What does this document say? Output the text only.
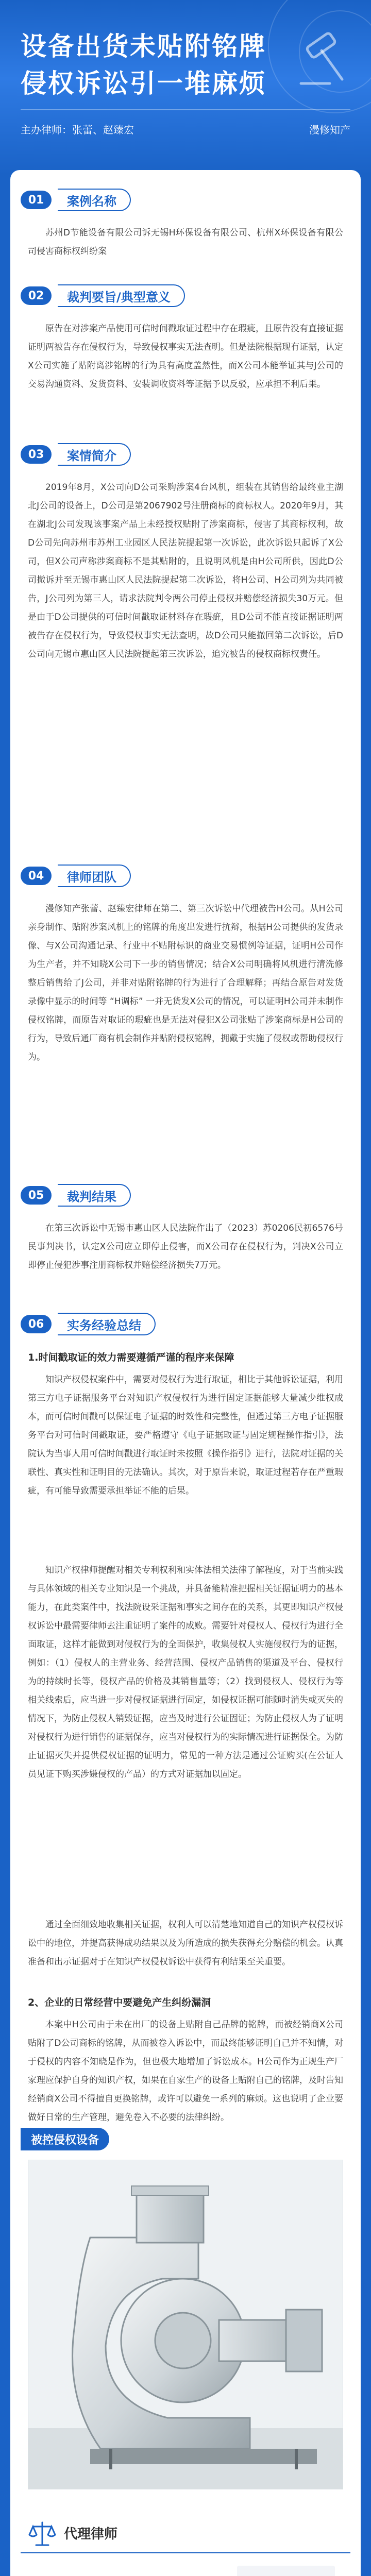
设备出货未贴附铭牌
侵权诉讼引一堆麻烦
主办律师：张蕾、赵臻宏	漫修知产
01	案例名称
苏州D节能设备有限公司诉无锡H环保设备有限公司、杭州X环保设备有限公司侵害商标权纠纷案
02	裁判要旨/典型意义
原告在对涉案产品使用可信时间戳取证过程中存在瑕疵，且原告没有直接证据证明两被告存在侵权行为，导致侵权事实无法查明。但是法院根据现有证据，认定X公司实施了贴附离涉铭牌的行为具有高度盖然性，而X公司本能举证其与J公司的交易沟通资料、发货资料、安装调收资料等证据予以反驳，应承担不利后果。
03	案情简介
2019年8月，X公司向D公司采购涉案4台风机，组装在其销售给最终业主湖北J公司的设备上，D公司是第2067902号注册商标的商标权人。2020年9月，其在湖北J公司发现该事案产品上未经授权贴附了涉案商标，侵害了其商标权利，故D公司先向苏州市苏州工业园区人民法院提起第一次诉讼，此次诉讼只起诉了X公司，但X公司声称涉案商标不是其贴附的，且说明风机是由H公司所供，因此D公司撤诉并至无锡市惠山区人民法院提起第二次诉讼，将H公司、H公司列为共同被告，J公司列为第三人，请求法院判令两公司停止侵权并赔偿经济损失30万元。但是由于D公司提供的可信时间戳取证材料存在瑕疵，且D公司不能直接证据证明两被告存在侵权行为，导致侵权事实无法查明，故D公司只能撤回第二次诉讼，后D公司向无锡市惠山区人民法院提起第三次诉讼，追究被告的侵权商标权责任。
04	律师团队
漫修知产张蕾、赵臻宏律师在第二、第三次诉讼中代理被告H公司。从H公司亲身制作、贴附涉案风机上的铭牌的角度出发进行抗辩，根据H公司提供的发货录像、与X公司沟通记录、行业中不贴附标识的商业交易惯例等证据，证明H公司作为生产者，并不知晓X公司下一步的销售情况；结合X公司明确将风机进行清洗修整后销售给了J公司，并非对贴附铭牌的行为进行了合理解释；再结合原告对发货录像中显示的时间等 “H调标” 一并无货发X公司的情况，可以证明H公司并未制作侵权铭牌，而原告对取证的瑕疵也是无法对侵犯X公司张贴了涉案商标是H公司的行为，导致后通厂商有机会制作并贴附侵权铭牌，拥戴于实施了侵权或帮助侵权行为。
05	裁判结果
在第三次诉讼中无锡市惠山区人民法院作出了（2023）苏0206民初6576号民事判决书，认定X公司应立即停止侵害，而X公司存在侵权行为，判决X公司立即停止侵犯涉事注册商标权并赔偿经济损失7万元。
06	实务经验总结
1.时间戳取证的效力需要遵循严谨的程序来保障
知识产权侵权案件中，需要对侵权行为进行取证，相比于其他诉讼证据，利用第三方电子证据服务平台对知识产权侵权行为进行固定证据能够大量减少维权成本，而可信时间戳可以保证电子证据的时效性和完整性，但通过第三方电子证据服务平台对可信时间戳取证，要严格遵守《电子证据取证与固定规程操作指引》，法院认为当事人用可信时间戳进行取证时未按照《操作指引》进行，法院对证据的关联性、真实性和证明目的无法确认。其次，对于原告来说，取证过程若存在严重瑕疵，有可能导致需要承担举证不能的后果。
知识产权律师提醒对相关专利权利和实体法相关法律了解程度，对于当前实践与具体领域的相关专业知识是一个挑战，并具备能精准把握相关证据证明力的基本能力，在此类案件中，找法院设采证据和事实之间存在的关系，其更即知识产权侵权诉讼中最需要律师去注重证明了案件的成败。需要针对侵权人、侵权行为进行全面取证，这样才能做到对侵权行为的全面保护，收集侵权人实施侵权行为的证据，例如：（1）侵权人的主营业务、经营范围、侵权产品销售的渠道及平台、侵权行为的持续时长等，侵权产品的价格及其销售量等；（2）找到侵权人、侵权行为等相关线索后，应当进一步对侵权证据进行固定，如侵权证据可能随时消失或灭失的情况下，为防止侵权人销毁证据，应当及时进行公证固证；为防止侵权人为了证明对侵权行为进行销售的证据保存，应当对侵权行为的实际情况进行证据保全。为防止证据灭失并提供侵权证据的证明力，常见的一种方法是通过公证购买(在公证人员见证下购买涉嫌侵权的产品）的方式对证据加以固定。
通过全面细致地收集相关证据，权利人可以清楚地知道自己的知识产权侵权诉讼中的地位，并提高获得成功结果以及为所造成的损失获得充分赔偿的机会。认真准备和出示证据对于在知识产权侵权诉讼中获得有利结果至关重要。
2、企业的日常经营中要避免产生纠纷漏洞
本案中H公司由于未在出厂的设备上贴附自己品牌的铭牌，而被经销商X公司贴附了D公司商标的铭牌，从而被卷入诉讼中，而最终能够证明自己并不知情，对于侵权的内容不知晓是作为，但也极大地增加了诉讼成本。H公司作为正规生产厂家理应保护自身的知识产权，如果在自家生产的设备上贴附自己的铭牌，及时告知经销商X公司不得擅自更换铭牌，或许可以避免一系列的麻烦。这也说明了企业要做好日常的生产管理，避免卷入不必要的法律纠纷。
被控侵权设备
代理律师
